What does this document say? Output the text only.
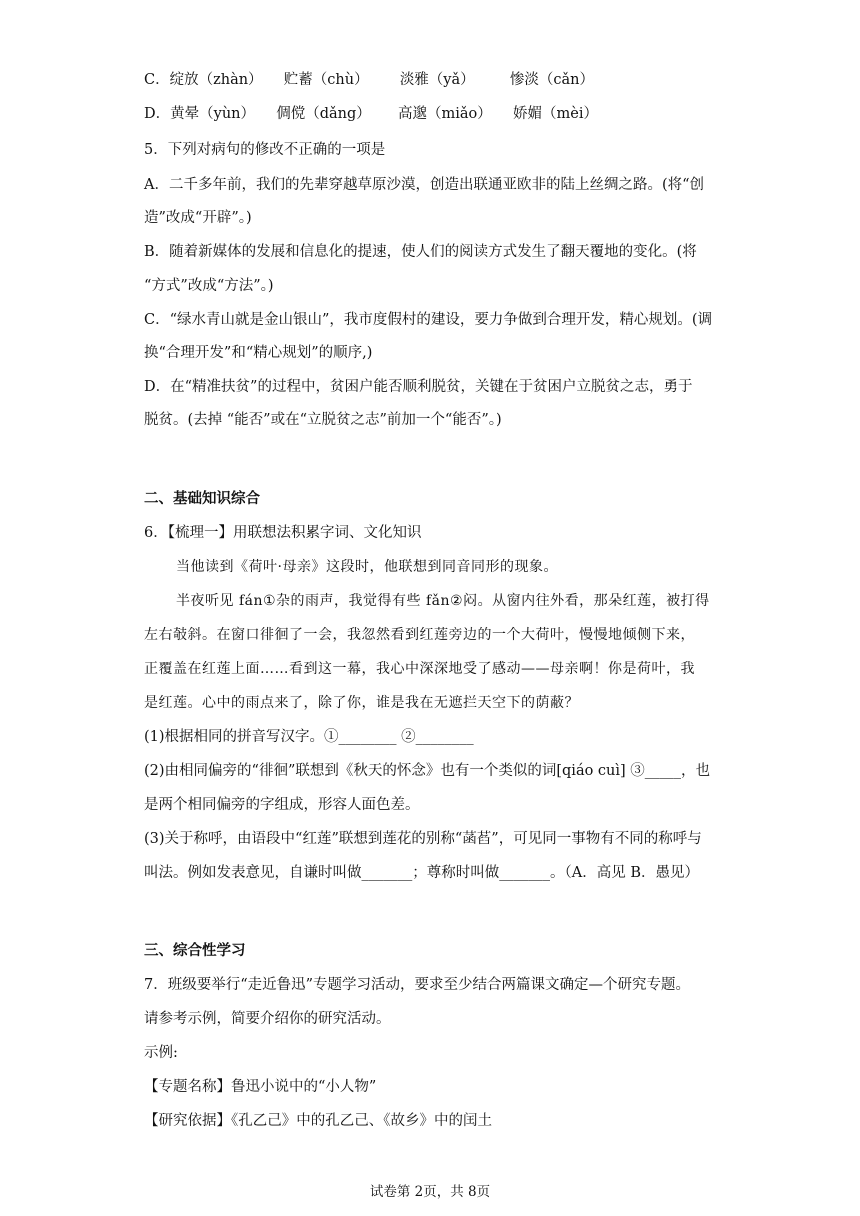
C．绽放（zhàn） 贮蓄（chù） 淡雅（yǎ） 惨淡（cǎn）
D．黄晕（yùn） 倜傥（dǎng） 高邈（miǎo） 娇媚（mèi）
5．下列对病句的修改不正确的一项是
A．二千多年前，我们的先辈穿越草原沙漠，创造出联通亚欧非的陆上丝绸之路。(将“创
造”改成“开辟”。)
B．随着新媒体的发展和信息化的提速，使人们的阅读方式发生了翻天覆地的变化。(将
“方式”改成“方法”。)
C．“绿水青山就是金山银山”，我市度假村的建设，要力争做到合理开发，精心规划。(调
换“合理开发”和“精心规划”的顺序,)
D．在“精准扶贫”的过程中，贫困户能否顺利脱贫，关键在于贫困户立脱贫之志，勇于
脱贫。(去掉 “能否”或在“立脱贫之志”前加一个“能否”。)
二、基础知识综合
6．【梳理一】用联想法积累字词、文化知识
当他读到《荷叶·母亲》这段时，他联想到同音同形的现象。
半夜听见 fán①杂的雨声，我觉得有些 fǎn②闷。从窗内往外看，那朵红莲，被打得
左右攲斜。在窗口徘徊了一会，我忽然看到红莲旁边的一个大荷叶，慢慢地倾侧下来，
正覆盖在红莲上面……看到这一幕，我心中深深地受了感动——母亲啊！你是荷叶，我
是红莲。心中的雨点来了，除了你，谁是我在无遮拦天空下的荫蔽？
(1)根据相同的拼音写汉字。①________ ②________
(2)由相同偏旁的“徘徊”联想到《秋天的怀念》也有一个类似的词[qiáo cuì] ③_____，也
是两个相同偏旁的字组成，形容人面色差。
(3)关于称呼，由语段中“红莲”联想到莲花的别称“菡萏”，可见同一事物有不同的称呼与
叫法。例如发表意见，自谦时叫做_______；尊称时叫做_______。（A．高见 B．愚见）
三、综合性学习
7．班级要举行“走近鲁迅”专题学习活动，要求至少结合两篇课文确定—个研究专题。
请参考示例，简要介绍你的研究活动。
示例:
【专题名称】鲁迅小说中的“小人物”
【研究依据】《孔乙己》中的孔乙己、《故乡》中的闰土
试卷第 2页，共 8页
